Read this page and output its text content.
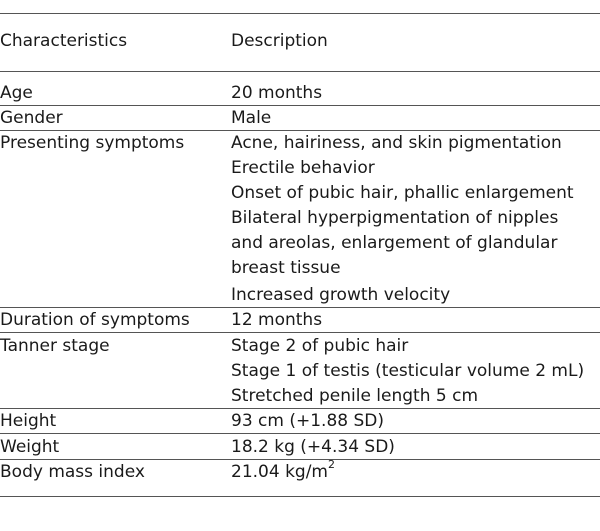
Characteristics	Description
Age	20 months
Gender	Male
Presenting symptoms	Acne, hairiness, and skin pigmentation
Erectile behavior
Onset of pubic hair, phallic enlargement
Bilateral hyperpigmentation of nipples
and areolas, enlargement of glandular
breast tissue
Increased growth velocity
Duration of symptoms 12 months
Tanner stage	Stage 2 of pubic hair
Stage 1 of testis (testicular volume 2 mL)
Stretched penile length 5 cm
Height	93 cm (+1.88 SD)
Weight	18.2 kg (+4.34 SD)
Body mass index	21.04 $kg/m^2$
